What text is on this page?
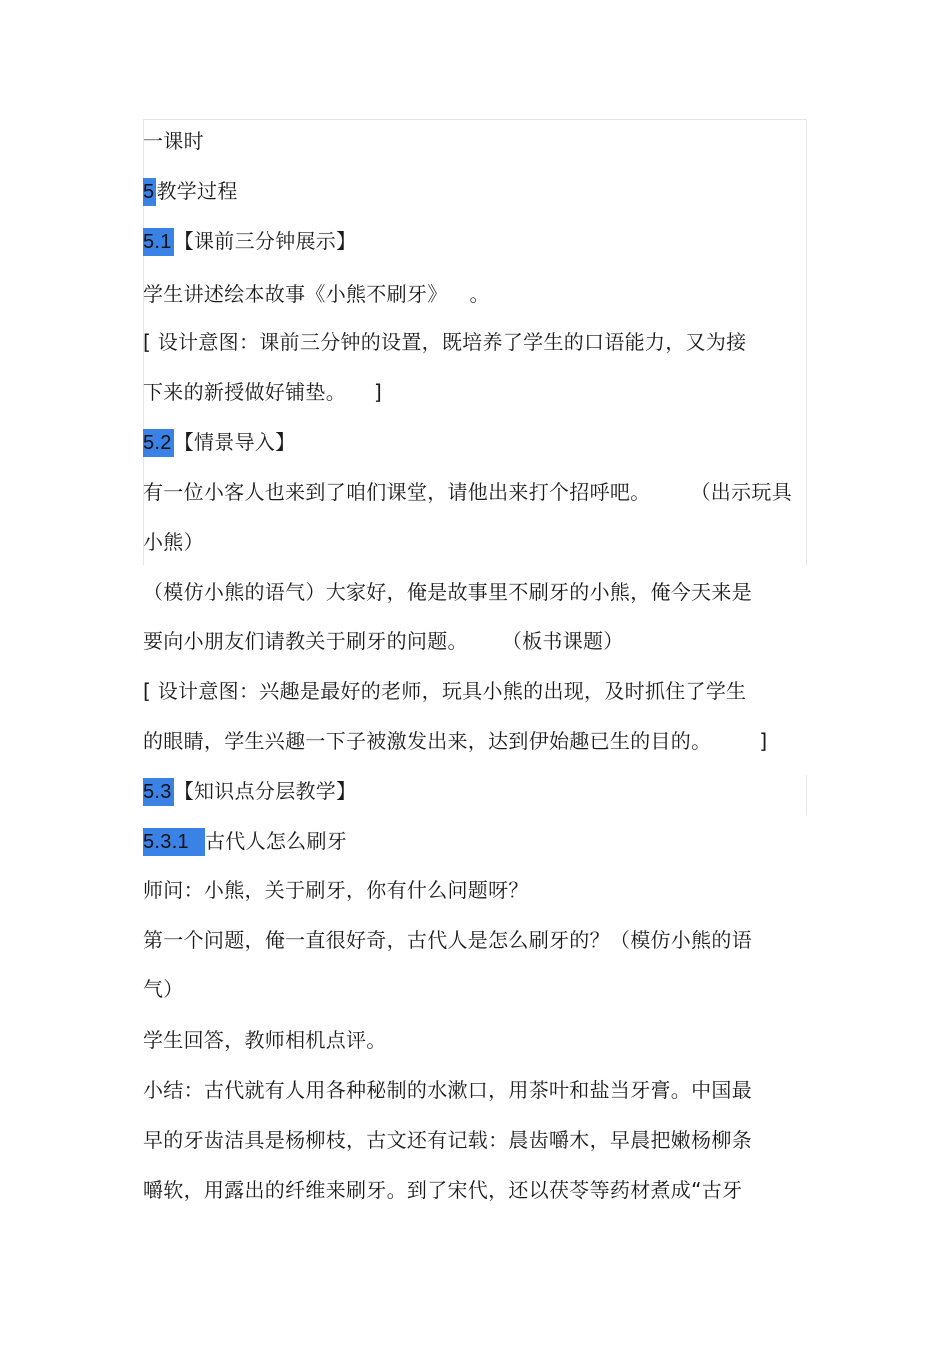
一课时
5 教学过程
5.1 【课前三分钟展示】
学生讲述绘本故事《小熊不刷牙》 。
[ 设计意图：课前三分钟的设置，既培养了学生的口语能力，又为接
下来的新授做好铺垫。 ]
5.2 【情景导入】
有一位小客人也来到了咱们课堂，请他出来打个招呼吧。 （出示玩具
小熊）
（模仿小熊的语气）大家好，俺是故事里不刷牙的小熊，俺今天来是
要向小朋友们请教关于刷牙的问题。 （板书课题）
[ 设计意图：兴趣是最好的老师，玩具小熊的出现，及时抓住了学生
的眼睛，学生兴趣一下子被激发出来，达到伊始趣已生的目的。 ]
5.3 【知识点分层教学】
5.3.1 古代人怎么刷牙
师问：小熊，关于刷牙，你有什么问题呀？
第一个问题，俺一直很好奇，古代人是怎么刷牙的？（模仿小熊的语
气）
学生回答，教师相机点评。
小结：古代就有人用各种秘制的水漱口，用茶叶和盐当牙膏。中国最
早的牙齿洁具是杨柳枝，古文还有记载：晨齿嚼木，早晨把嫩杨柳条
嚼软，用露出的纤维来刷牙。到了宋代，还以茯苓等药材煮成“古牙
